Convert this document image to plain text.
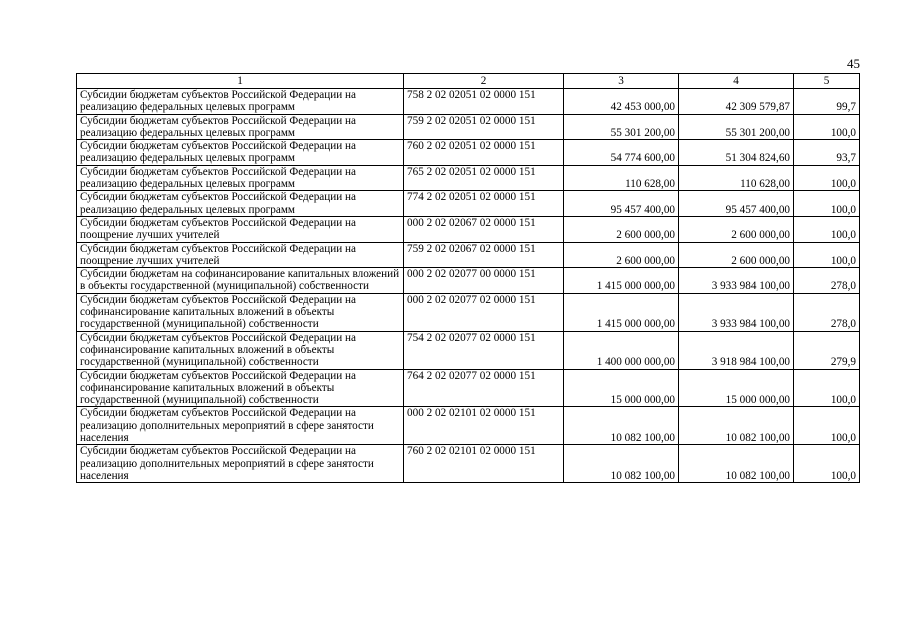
45
1	2	3	4	5
Субсидии бюджетам субъектов Российской Федерации на реализацию федеральных целевых программ	758 2 02 02051 02 0000 151	42 453 000,00	42 309 579,87	99,7
Субсидии бюджетам субъектов Российской Федерации на реализацию федеральных целевых программ	759 2 02 02051 02 0000 151	55 301 200,00	55 301 200,00	100,0
Субсидии бюджетам субъектов Российской Федерации на реализацию федеральных целевых программ	760 2 02 02051 02 0000 151	54 774 600,00	51 304 824,60	93,7
Субсидии бюджетам субъектов Российской Федерации на реализацию федеральных целевых программ	765 2 02 02051 02 0000 151	110 628,00	110 628,00	100,0
Субсидии бюджетам субъектов Российской Федерации на реализацию федеральных целевых программ	774 2 02 02051 02 0000 151	95 457 400,00	95 457 400,00	100,0
Субсидии бюджетам субъектов Российской Федерации на поощрение лучших учителей	000 2 02 02067 02 0000 151	2 600 000,00	2 600 000,00	100,0
Субсидии бюджетам субъектов Российской Федерации на поощрение лучших учителей	759 2 02 02067 02 0000 151	2 600 000,00	2 600 000,00	100,0
Субсидии бюджетам на софинансирование капитальных вложений в объекты государственной (муниципальной) собственности	000 2 02 02077 00 0000 151	1 415 000 000,00	3 933 984 100,00	278,0
Субсидии бюджетам субъектов Российской Федерации на софинансирование капитальных вложений в объекты государственной (муниципальной) собственности	000 2 02 02077 02 0000 151	1 415 000 000,00	3 933 984 100,00	278,0
Субсидии бюджетам субъектов Российской Федерации на софинансирование капитальных вложений в объекты государственной (муниципальной) собственности	754 2 02 02077 02 0000 151	1 400 000 000,00	3 918 984 100,00	279,9
Субсидии бюджетам субъектов Российской Федерации на софинансирование капитальных вложений в объекты государственной (муниципальной) собственности	764 2 02 02077 02 0000 151	15 000 000,00	15 000 000,00	100,0
Субсидии бюджетам субъектов Российской Федерации на реализацию дополнительных мероприятий в сфере занятости населения	000 2 02 02101 02 0000 151	10 082 100,00	10 082 100,00	100,0
Субсидии бюджетам субъектов Российской Федерации на реализацию дополнительных мероприятий в сфере занятости населения	760 2 02 02101 02 0000 151	10 082 100,00	10 082 100,00	100,0
